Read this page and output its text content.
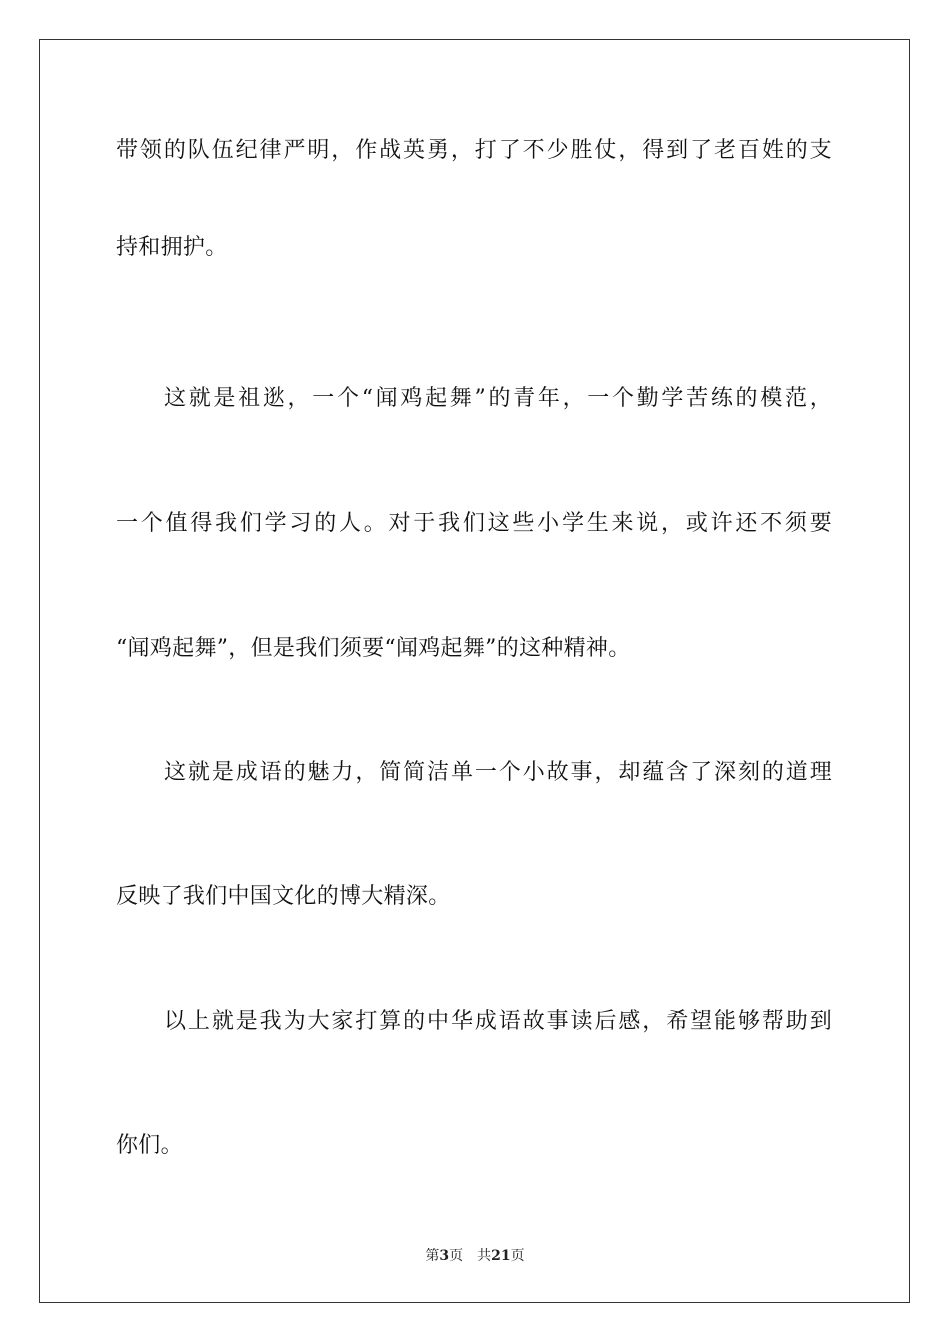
带领的队伍纪律严明，作战英勇，打了不少胜仗，得到了老百姓的支
持和拥护。
这就是祖逖，一个“闻鸡起舞”的青年，一个勤学苦练的模范，
一个值得我们学习的人。对于我们这些小学生来说，或许还不须要
“闻鸡起舞”，但是我们须要“闻鸡起舞”的这种精神。
这就是成语的魅力，简简洁单一个小故事，却蕴含了深刻的道理
反映了我们中国文化的博大精深。
以上就是我为大家打算的中华成语故事读后感，希望能够帮助到
你们。
第3页 共21页
